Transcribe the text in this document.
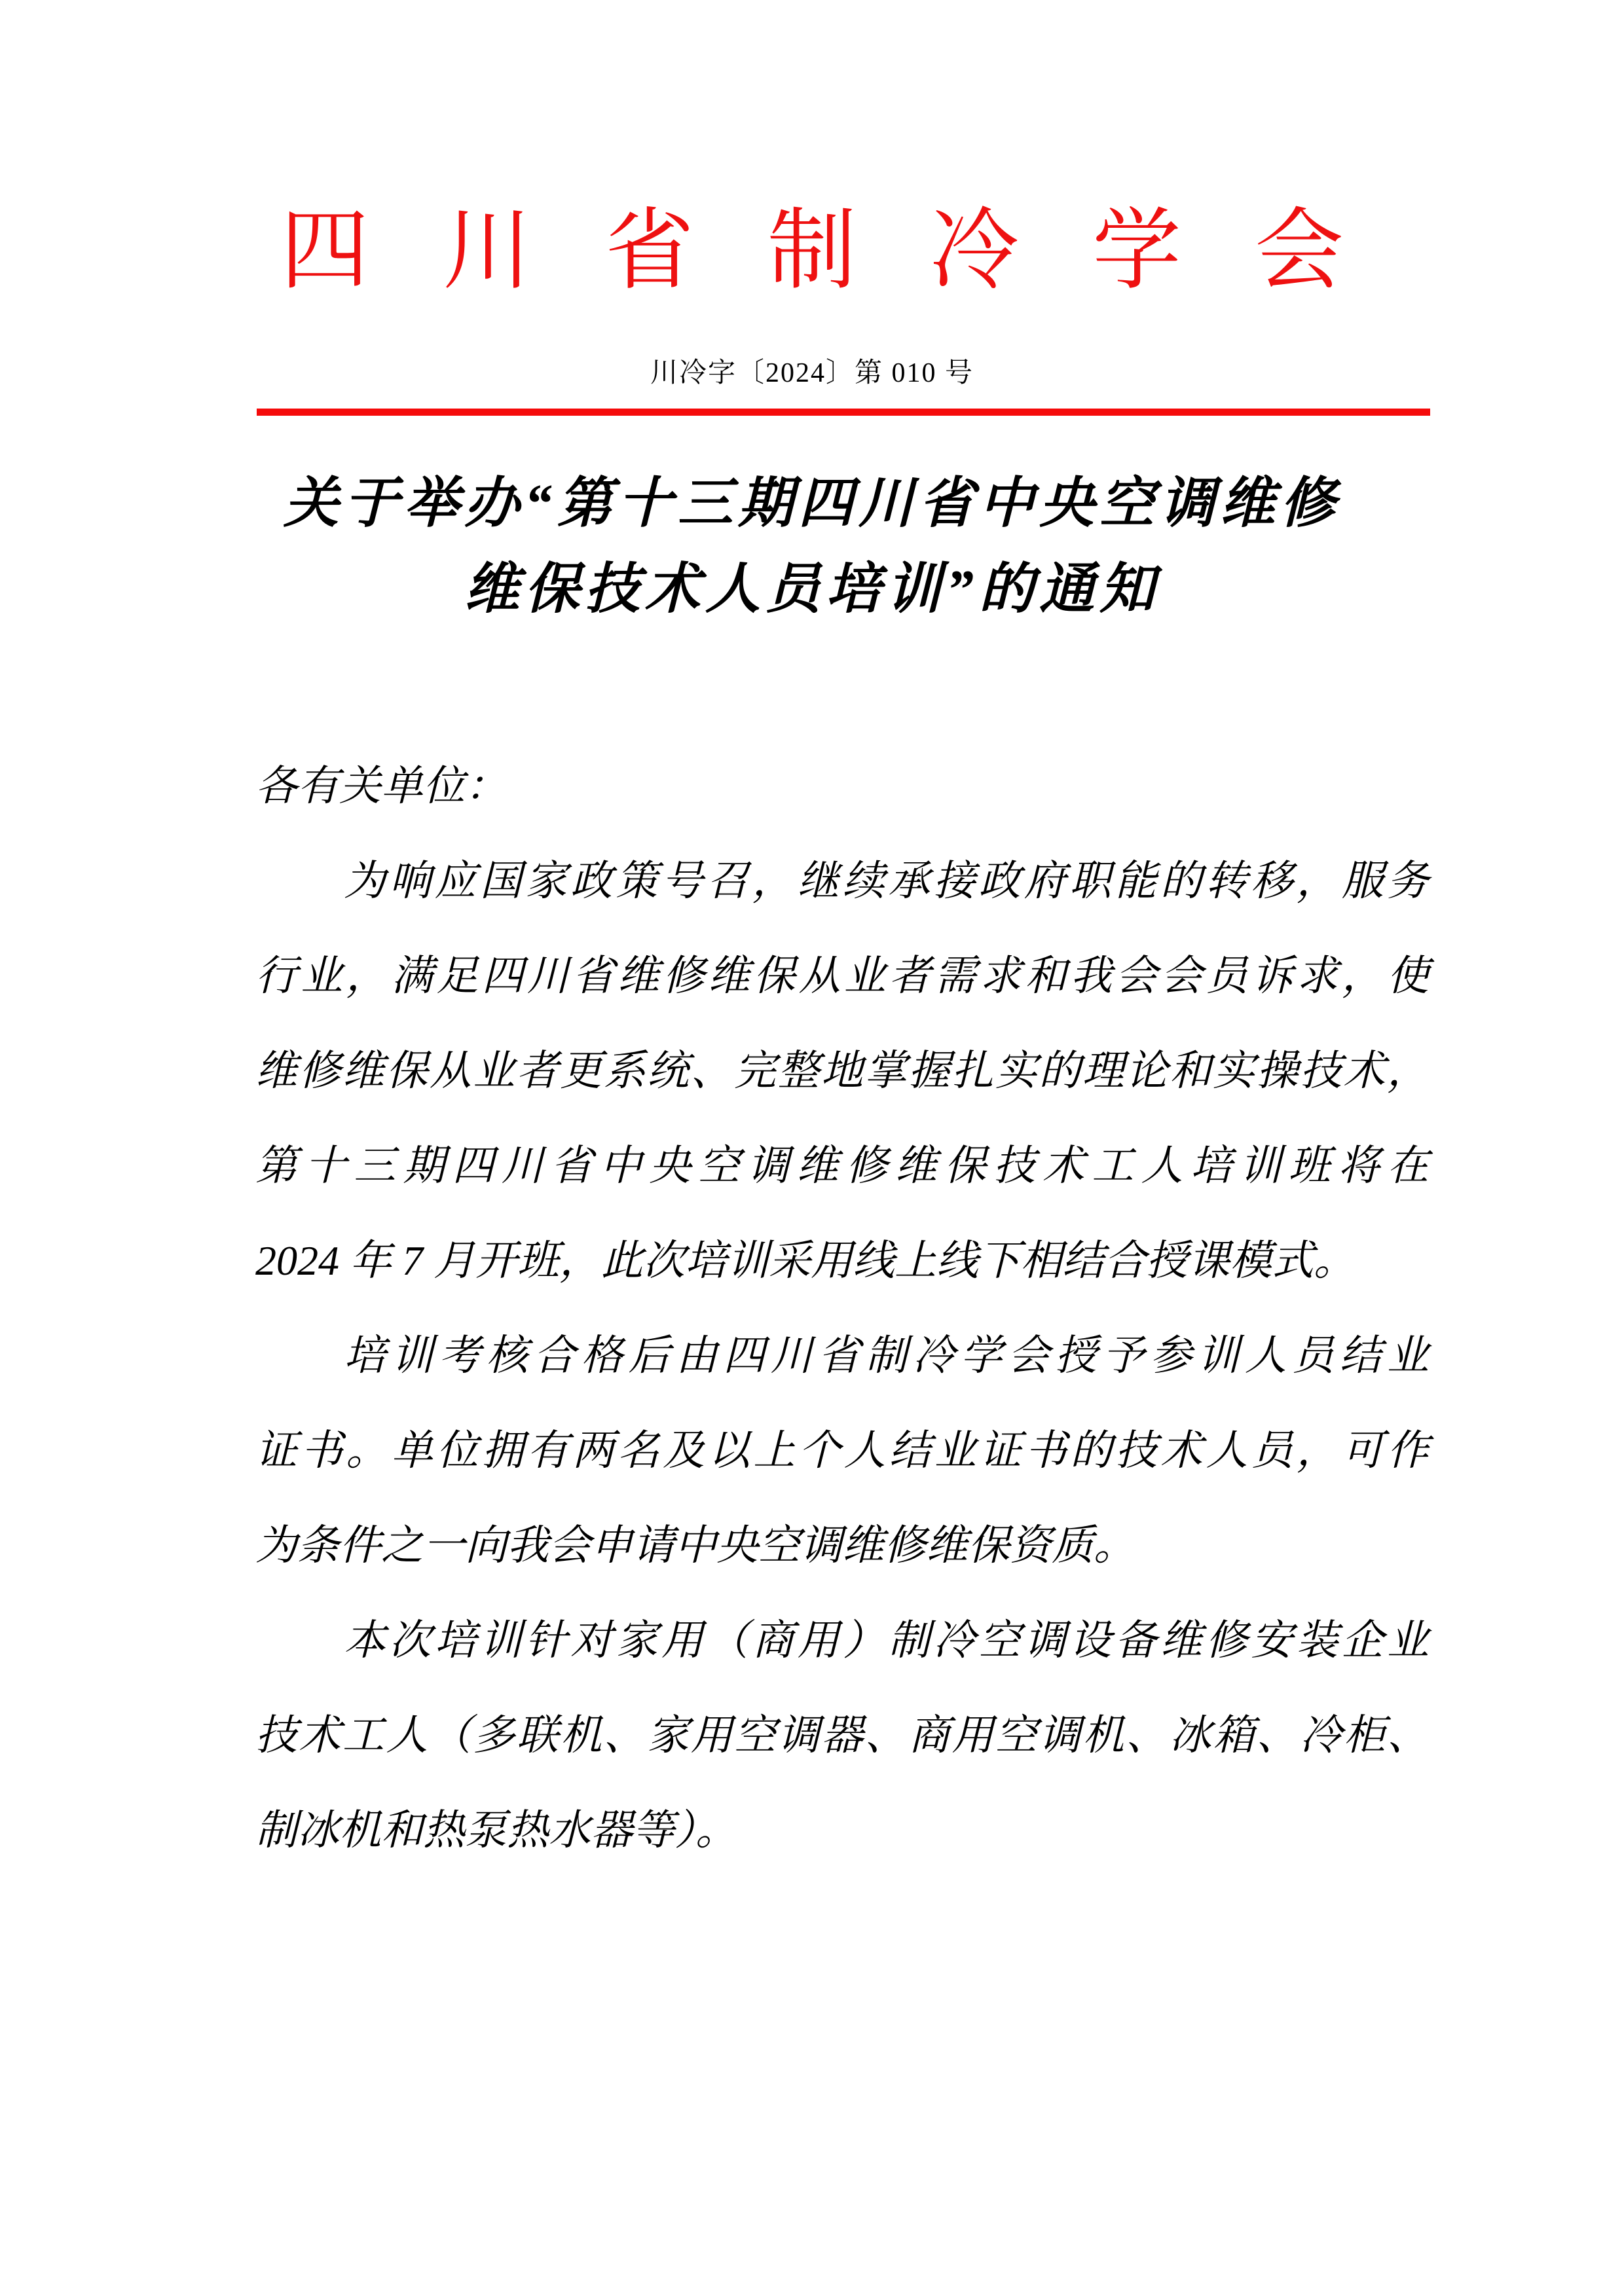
四 川 省 制 冷 学 会
川冷字〔2024〕第 010 号
关于举办“第十三期四川省中央空调维修
维保技术人员培训”的通知
各有关单位：
为响应国家政策号召，继续承接政府职能的转移，服务
行业，满足四川省维修维保从业者需求和我会会员诉求，使
维修维保从业者更系统、完整地掌握扎实的理论和实操技术，
第十三期四川省中央空调维修维保技术工人培训班将在
2024 年 7 月开班，此次培训采用线上线下相结合授课模式。
培训考核合格后由四川省制冷学会授予参训人员结业
证书。单位拥有两名及以上个人结业证书的技术人员，可作
为条件之一向我会申请中央空调维修维保资质。
本次培训针对家用（商用）制冷空调设备维修安装企业
技术工人（多联机、家用空调器、商用空调机、冰箱、冷柜、
制冰机和热泵热水器等）。
